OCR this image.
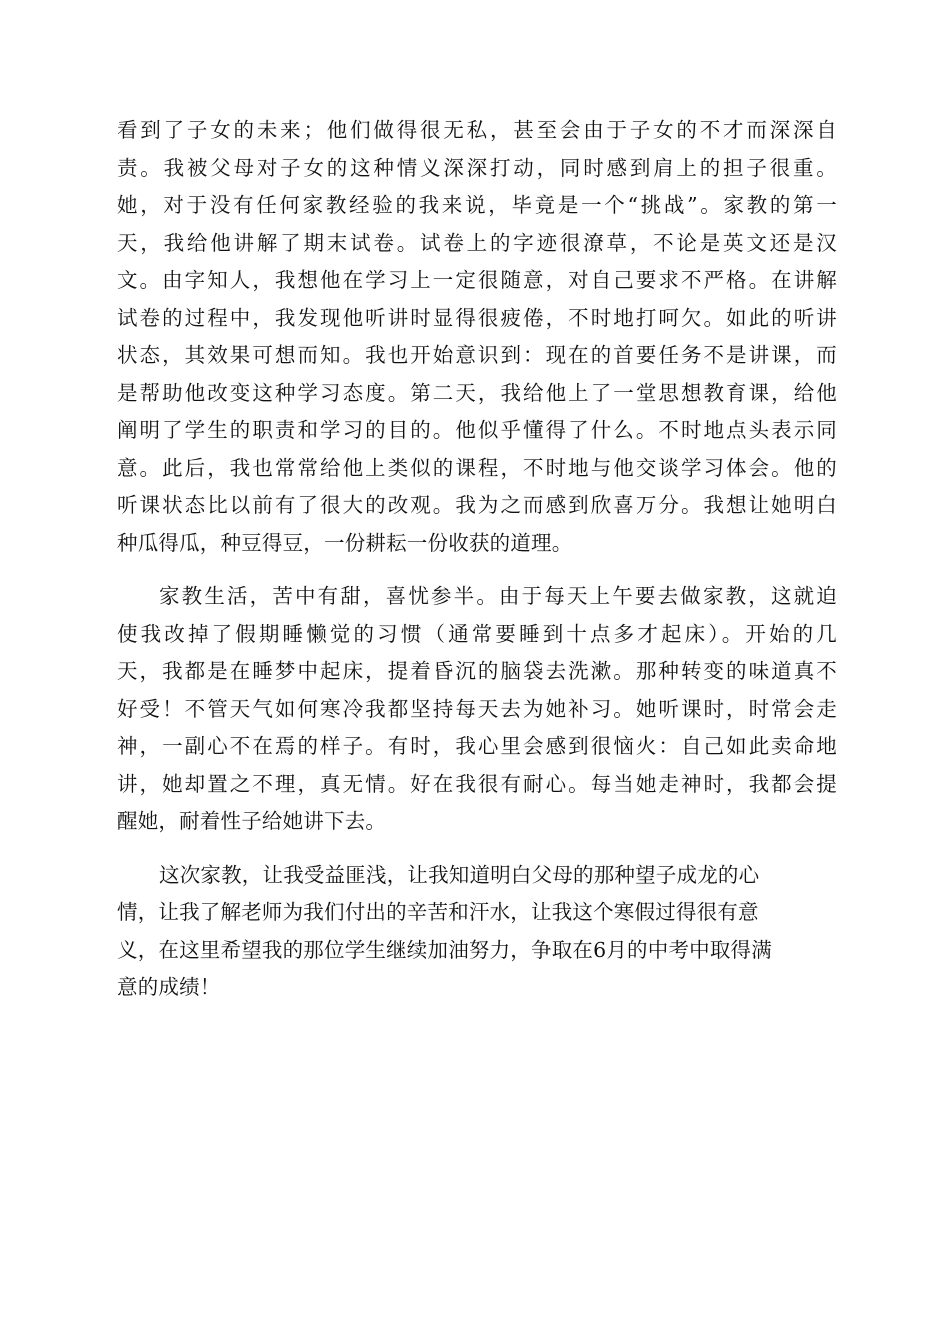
看到了子女的未来；他们做得很无私，甚至会由于子女的不才而深深自
责。我被父母对子女的这种情义深深打动，同时感到肩上的担子很重。
她，对于没有任何家教经验的我来说，毕竟是一个“挑战”。家教的第一
天，我给他讲解了期末试卷。试卷上的字迹很潦草，不论是英文还是汉
文。由字知人，我想他在学习上一定很随意，对自己要求不严格。在讲解
试卷的过程中，我发现他听讲时显得很疲倦，不时地打呵欠。如此的听讲
状态，其效果可想而知。我也开始意识到：现在的首要任务不是讲课，而
是帮助他改变这种学习态度。第二天，我给他上了一堂思想教育课，给他
阐明了学生的职责和学习的目的。他似乎懂得了什么。不时地点头表示同
意。此后，我也常常给他上类似的课程，不时地与他交谈学习体会。他的
听课状态比以前有了很大的改观。我为之而感到欣喜万分。我想让她明白
种瓜得瓜，种豆得豆，一份耕耘一份收获的道理。

家教生活，苦中有甜，喜忧参半。由于每天上午要去做家教，这就迫
使我改掉了假期睡懒觉的习惯（通常要睡到十点多才起床）。开始的几
天，我都是在睡梦中起床，提着昏沉的脑袋去洗漱。那种转变的味道真不
好受！不管天气如何寒冷我都坚持每天去为她补习。她听课时，时常会走
神，一副心不在焉的样子。有时，我心里会感到很恼火：自己如此卖命地
讲，她却置之不理，真无情。好在我很有耐心。每当她走神时，我都会提
醒她，耐着性子给她讲下去。

这次家教，让我受益匪浅，让我知道明白父母的那种望子成龙的心
情，让我了解老师为我们付出的辛苦和汗水，让我这个寒假过得很有意
义，在这里希望我的那位学生继续加油努力，争取在6月的中考中取得满
意的成绩！
